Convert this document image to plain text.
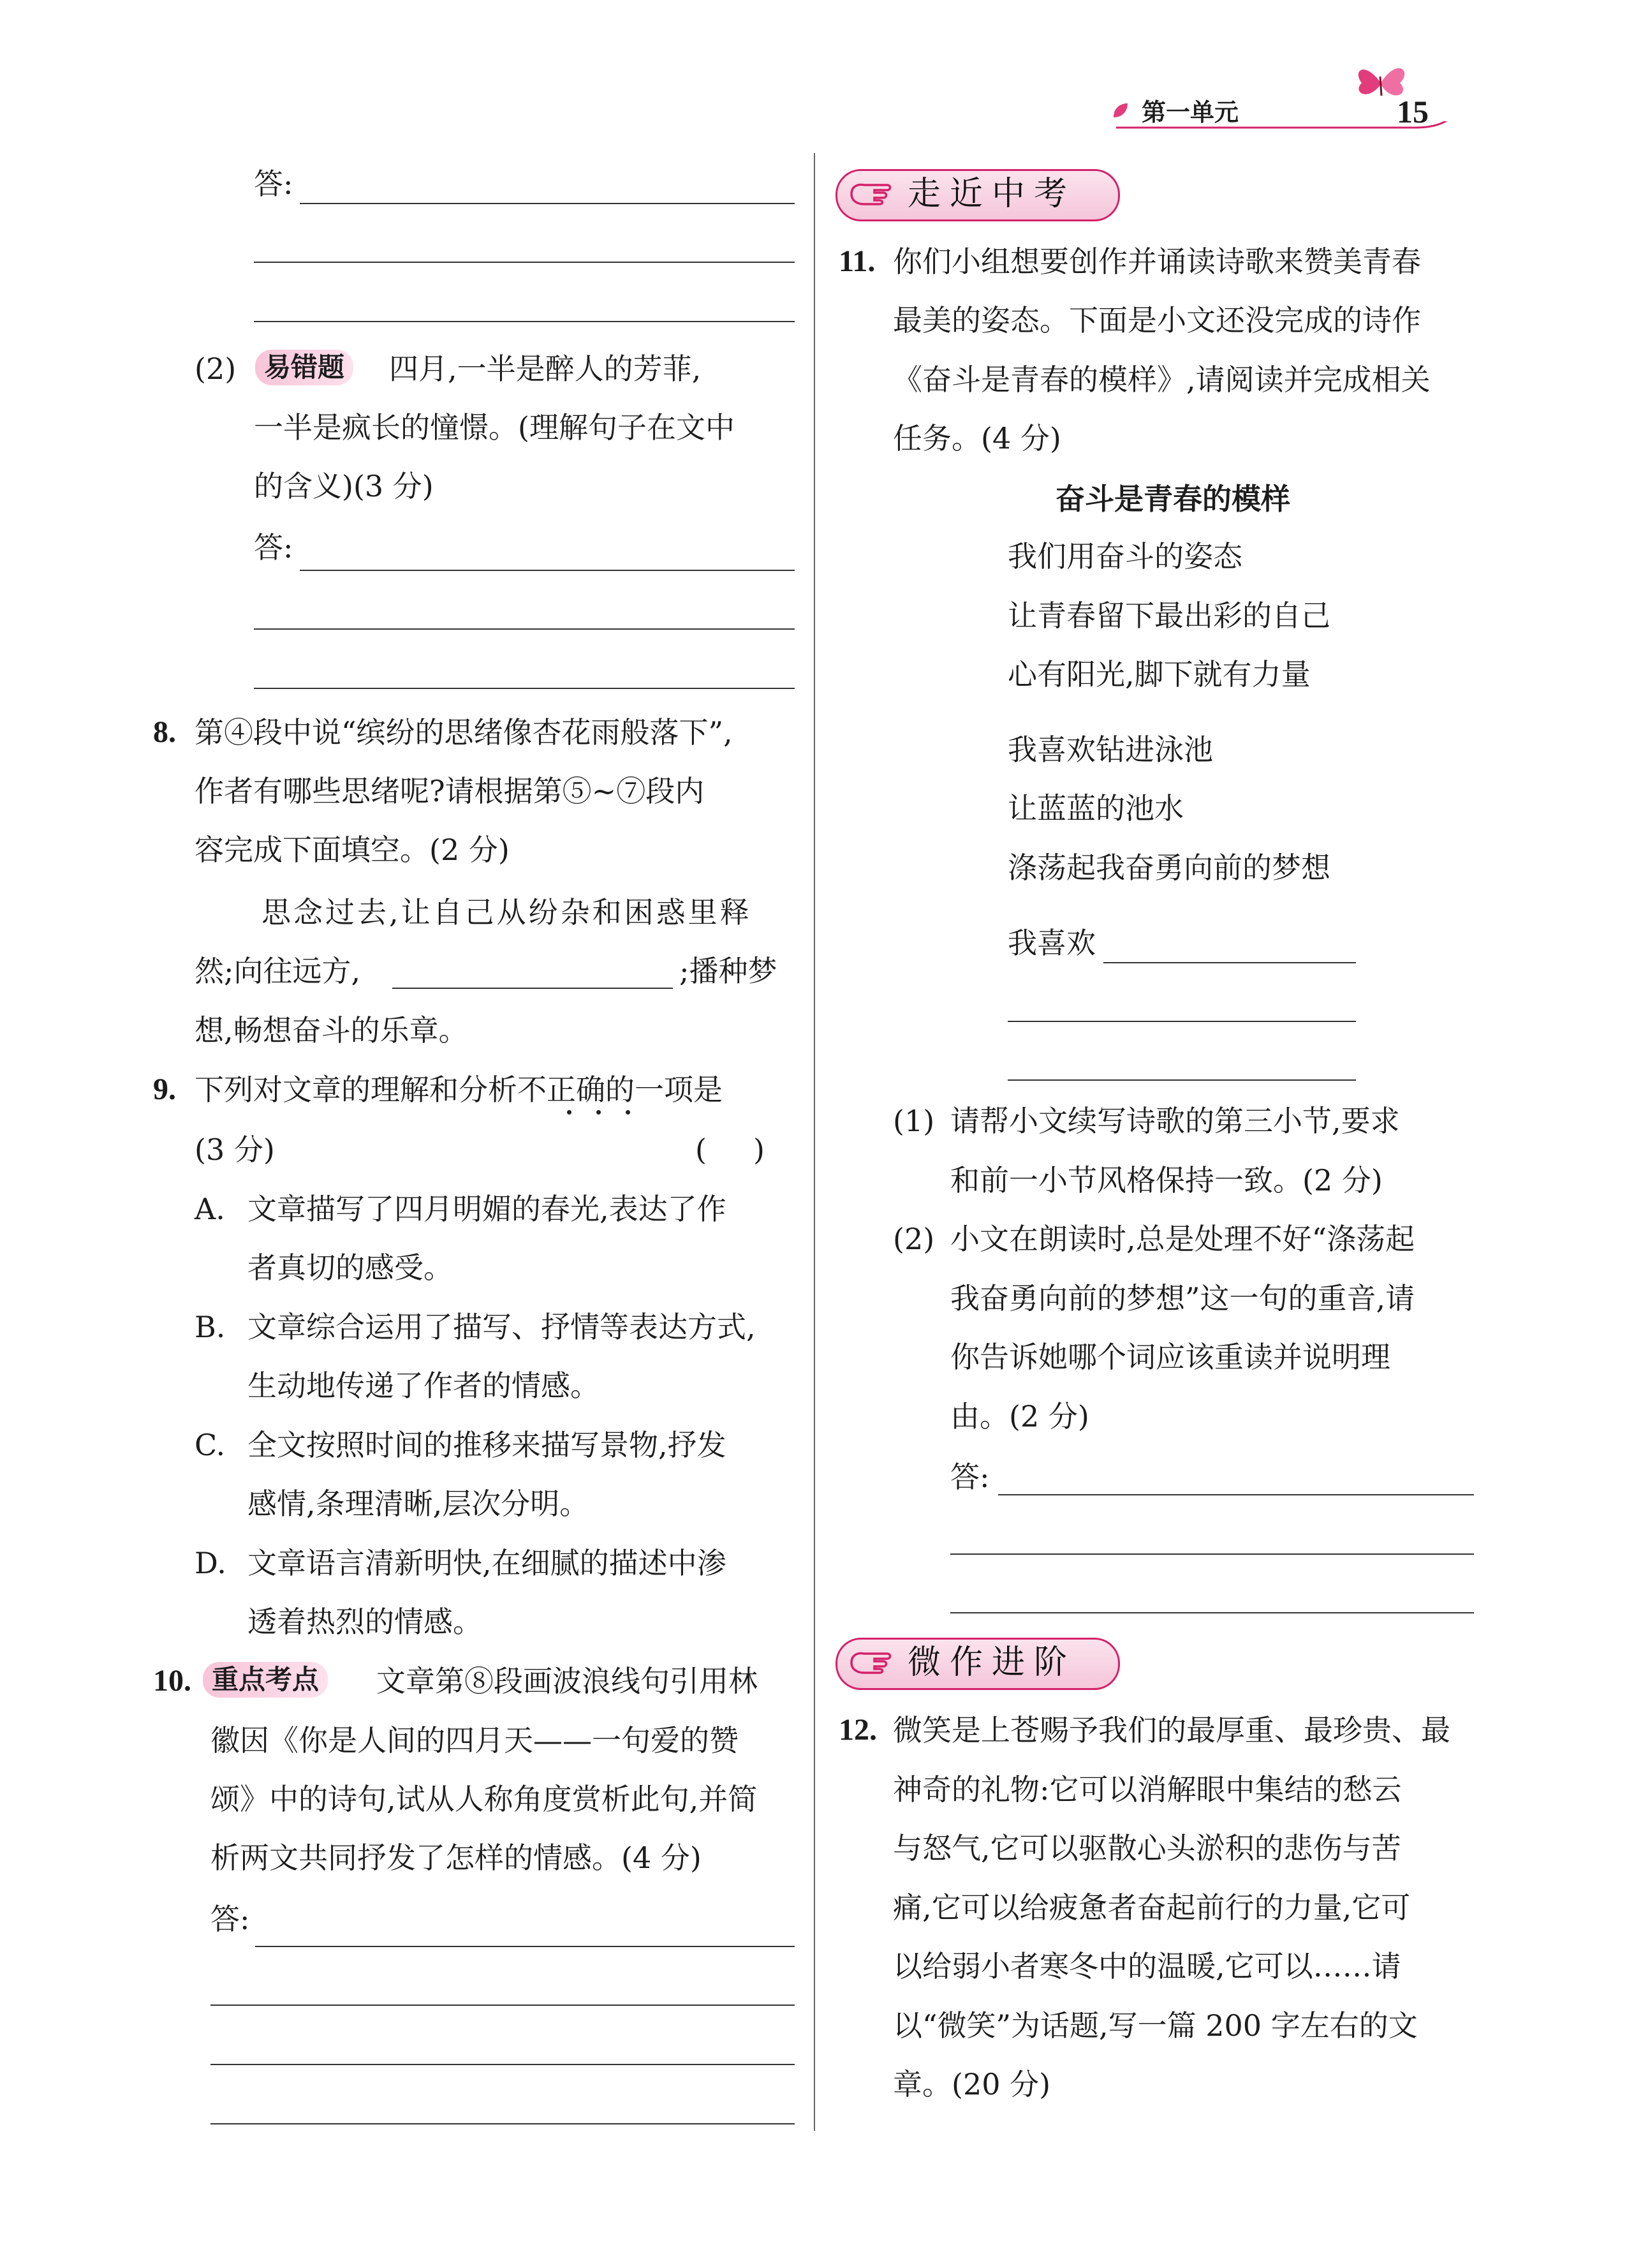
第一单元	15
答:
(2)	易错题	四月,一半是醉人的芳菲,
一半是疯长的憧憬。(理解句子在文中
的含义)(3 分)
答:
8. 第④段中说“缤纷的思绪像杏花雨般落下”,
作者有哪些思绪呢?请根据第⑤~⑦段内
容完成下面填空。(2 分)
思念过去,让自己从纷杂和困惑里释
然;向往远方,	;播种梦
想,畅想奋斗的乐章。
9. 下列对文章的理解和分析不正确的一项是
(3 分)	(     )
A. 文章描写了四月明媚的春光,表达了作
者真切的感受。
B. 文章综合运用了描写、抒情等表达方式,
生动地传递了作者的情感。
C. 全文按照时间的推移来描写景物,抒发
感情,条理清晰,层次分明。
D. 文章语言清新明快,在细腻的描述中渗
透着热烈的情感。
10. 重点考点	文章第⑧段画波浪线句引用林
徽因《你是人间的四月天——一句爱的赞
颂》中的诗句,试从人称角度赏析此句,并简
析两文共同抒发了怎样的情感。(4 分)
答:
走近中考
11. 你们小组想要创作并诵读诗歌来赞美青春
最美的姿态。下面是小文还没完成的诗作
《奋斗是青春的模样》,请阅读并完成相关
任务。(4 分)
奋斗是青春的模样
我们用奋斗的姿态
让青春留下最出彩的自己
心有阳光,脚下就有力量
我喜欢钻进泳池
让蓝蓝的池水
涤荡起我奋勇向前的梦想
我喜欢
(1) 请帮小文续写诗歌的第三小节,要求
和前一小节风格保持一致。(2 分)
(2) 小文在朗读时,总是处理不好“涤荡起
我奋勇向前的梦想”这一句的重音,请
你告诉她哪个词应该重读并说明理
由。(2 分)
答:
微作进阶
12. 微笑是上苍赐予我们的最厚重、最珍贵、最
神奇的礼物:它可以消解眼中集结的愁云
与怒气,它可以驱散心头淤积的悲伤与苦
痛,它可以给疲惫者奋起前行的力量,它可
以给弱小者寒冬中的温暖,它可以……请
以“微笑”为话题,写一篇 200 字左右的文
章。(20 分)
